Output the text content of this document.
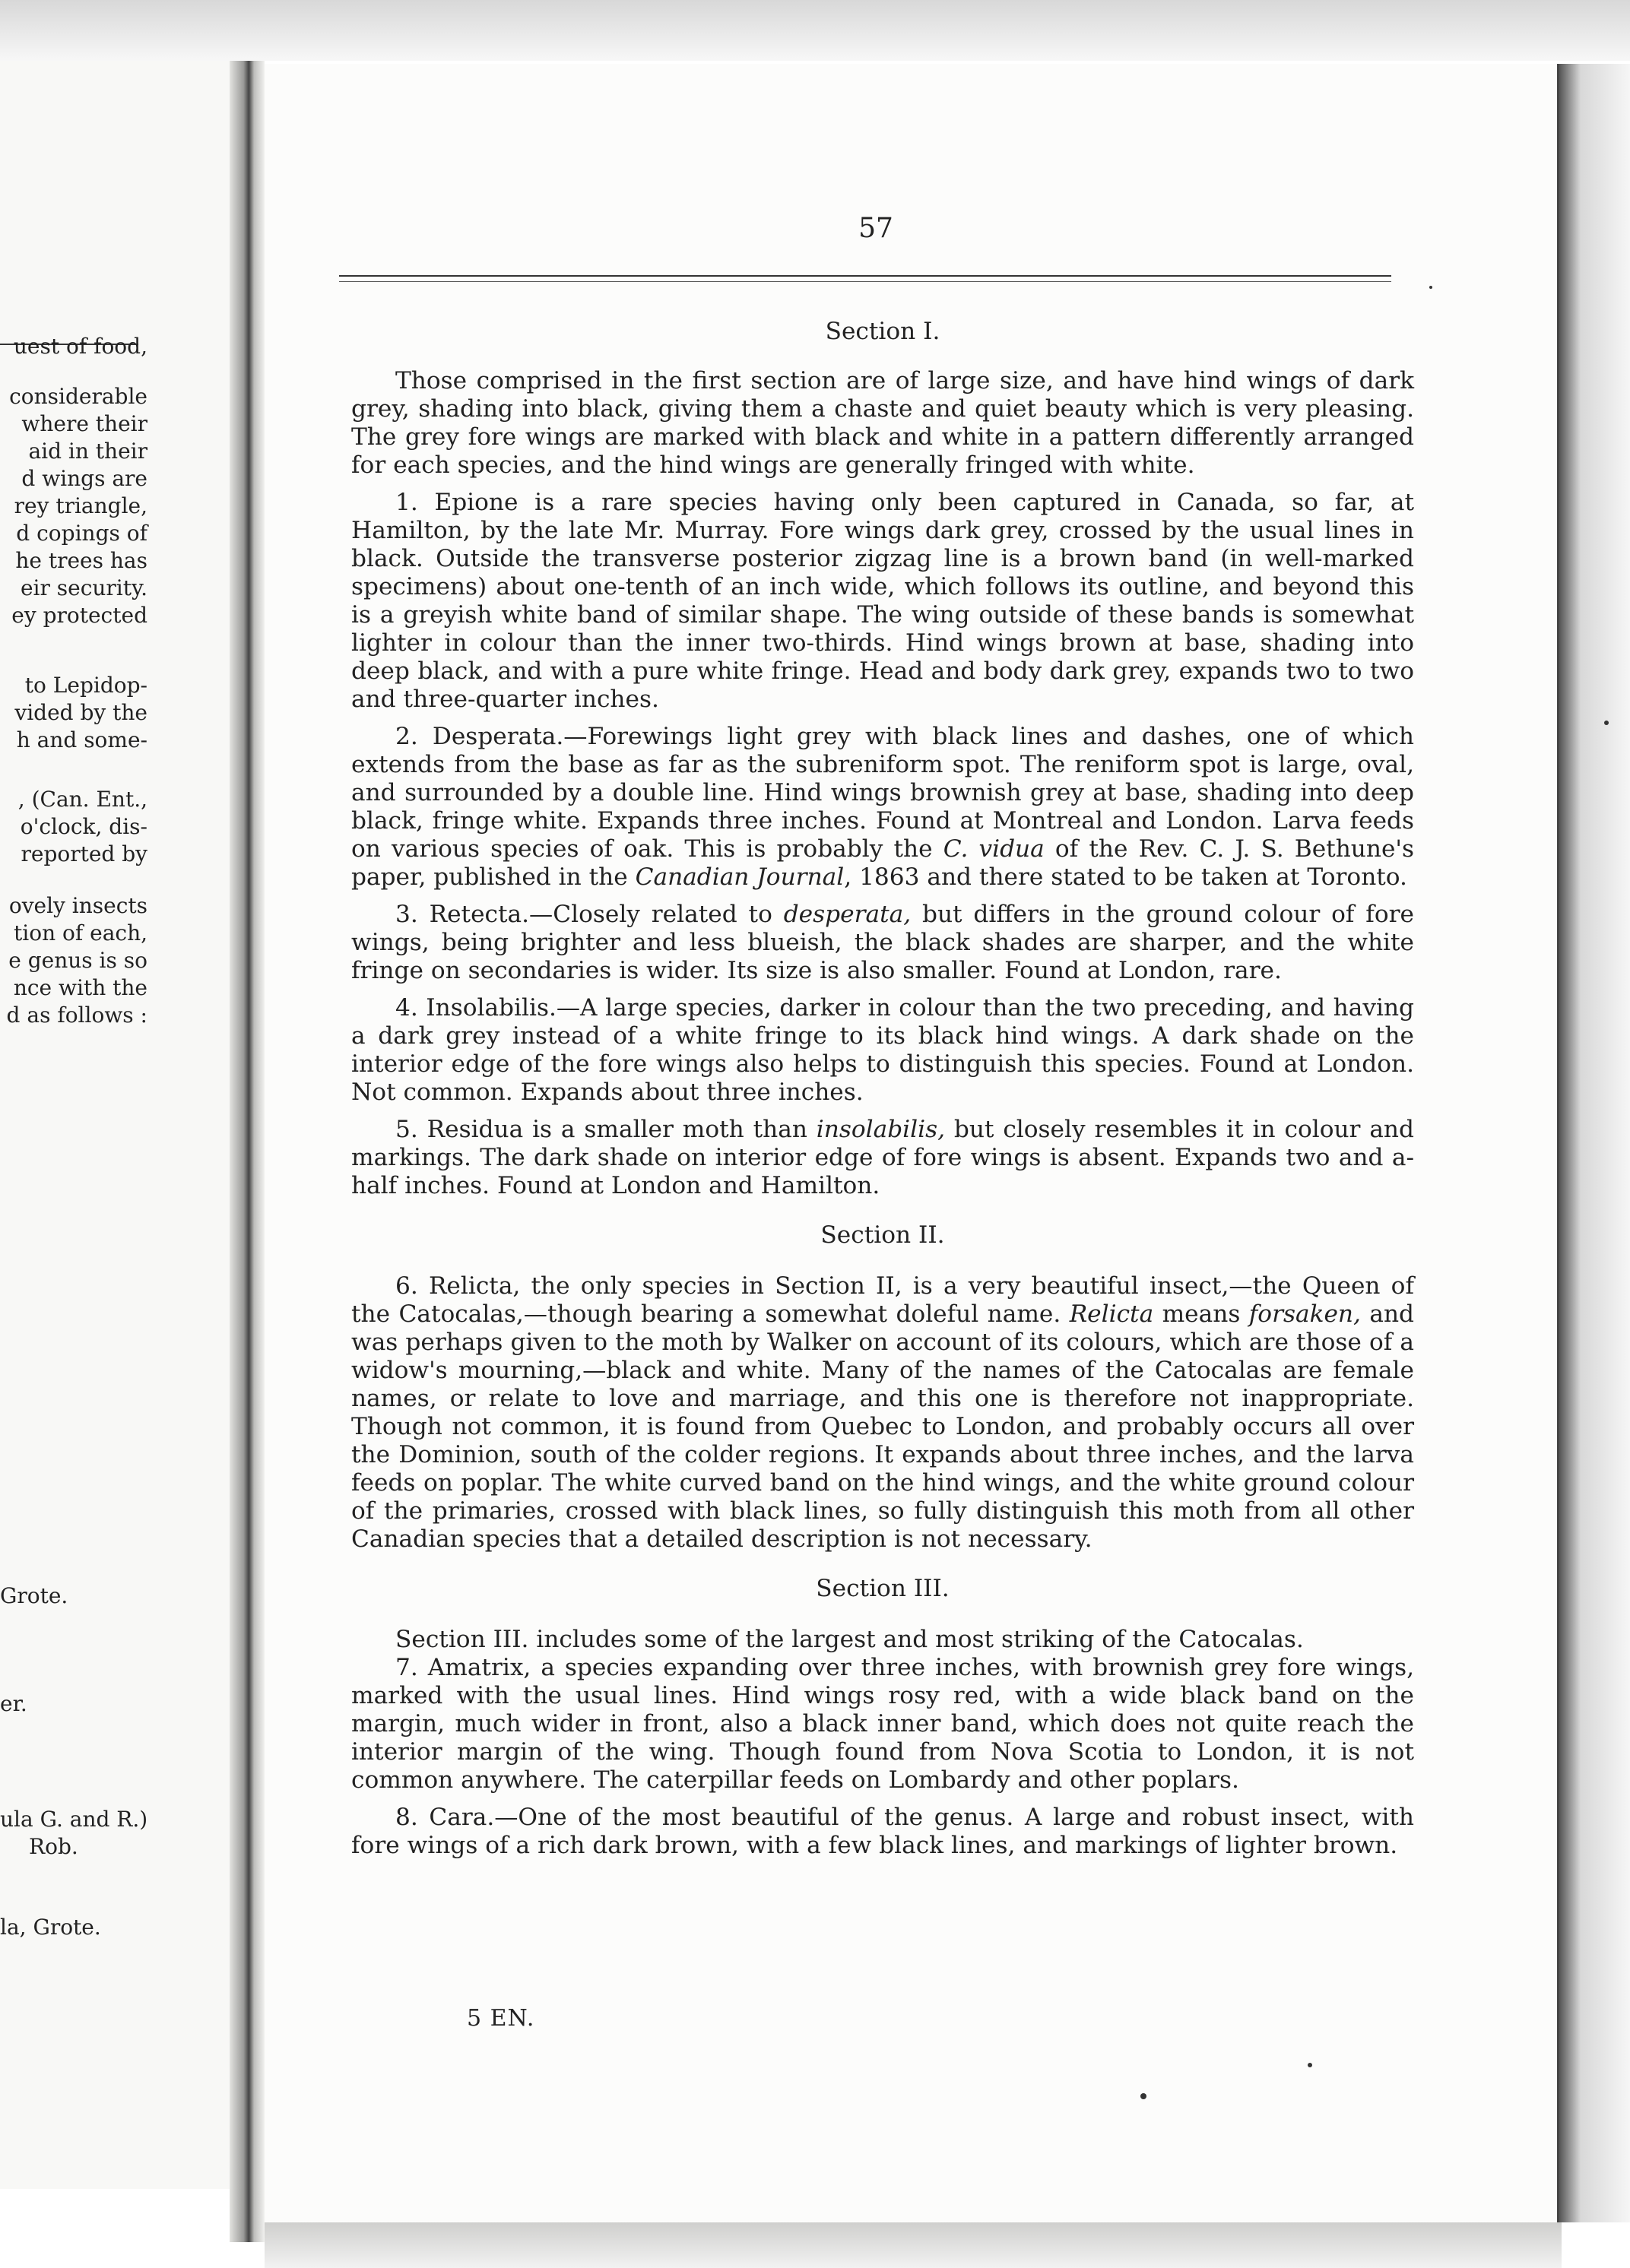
uest of food,
considerable
where their
aid in their
d wings are
rey triangle,
d copings of
he trees has
eir security.
ey protected
to Lepidop-
vided by the
h and some-
, (Can. Ent.,
o'clock, dis-
reported by
ovely insects
tion of each,
e genus is so
nce with the
d as follows :
Grote.
er.
ula G. and R.)
Rob.
la, Grote.
57

Section I.

Those comprised in the first section are of large size, and have hind wings of dark grey, shading into black, giving them a chaste and quiet beauty which is very pleasing. The grey fore wings are marked with black and white in a pattern differently arranged for each species, and the hind wings are generally fringed with white.

1. Epione is a rare species having only been captured in Canada, so far, at Hamilton, by the late Mr. Murray. Fore wings dark grey, crossed by the usual lines in black. Outside the transverse posterior zigzag line is a brown band (in well-marked specimens) about one-tenth of an inch wide, which follows its outline, and beyond this is a greyish white band of similar shape. The wing outside of these bands is somewhat lighter in colour than the inner two-thirds. Hind wings brown at base, shading into deep black, and with a pure white fringe. Head and body dark grey, expands two to two and three-quarter inches.

2. Desperata.—Forewings light grey with black lines and dashes, one of which extends from the base as far as the subreniform spot. The reniform spot is large, oval, and surrounded by a double line. Hind wings brownish grey at base, shading into deep black, fringe white. Expands three inches. Found at Montreal and London. Larva feeds on various species of oak. This is probably the C. vidua of the Rev. C. J. S. Bethune's paper, published in the Canadian Journal, 1863 and there stated to be taken at Toronto.

3. Retecta.—Closely related to desperata, but differs in the ground colour of fore wings, being brighter and less blueish, the black shades are sharper, and the white fringe on secondaries is wider. Its size is also smaller. Found at London, rare.

4. Insolabilis.—A large species, darker in colour than the two preceding, and having a dark grey instead of a white fringe to its black hind wings. A dark shade on the interior edge of the fore wings also helps to distinguish this species. Found at London. Not common. Expands about three inches.

5. Residua is a smaller moth than insolabilis, but closely resembles it in colour and markings. The dark shade on interior edge of fore wings is absent. Expands two and a-half inches. Found at London and Hamilton.

Section II.

6. Relicta, the only species in Section II, is a very beautiful insect,—the Queen of the Catocalas,—though bearing a somewhat doleful name. Relicta means forsaken, and was perhaps given to the moth by Walker on account of its colours, which are those of a widow's mourning,—black and white. Many of the names of the Catocalas are female names, or relate to love and marriage, and this one is therefore not inappropriate. Though not common, it is found from Quebec to London, and probably occurs all over the Dominion, south of the colder regions. It expands about three inches, and the larva feeds on poplar. The white curved band on the hind wings, and the white ground colour of the primaries, crossed with black lines, so fully distinguish this moth from all other Canadian species that a detailed description is not necessary.

Section III.

Section III. includes some of the largest and most striking of the Catocalas.

7. Amatrix, a species expanding over three inches, with brownish grey fore wings, marked with the usual lines. Hind wings rosy red, with a wide black band on the margin, much wider in front, also a black inner band, which does not quite reach the interior margin of the wing. Though found from Nova Scotia to London, it is not common anywhere. The caterpillar feeds on Lombardy and other poplars.

8. Cara.—One of the most beautiful of the genus. A large and robust insect, with fore wings of a rich dark brown, with a few black lines, and markings of lighter brown.

5 EN.
